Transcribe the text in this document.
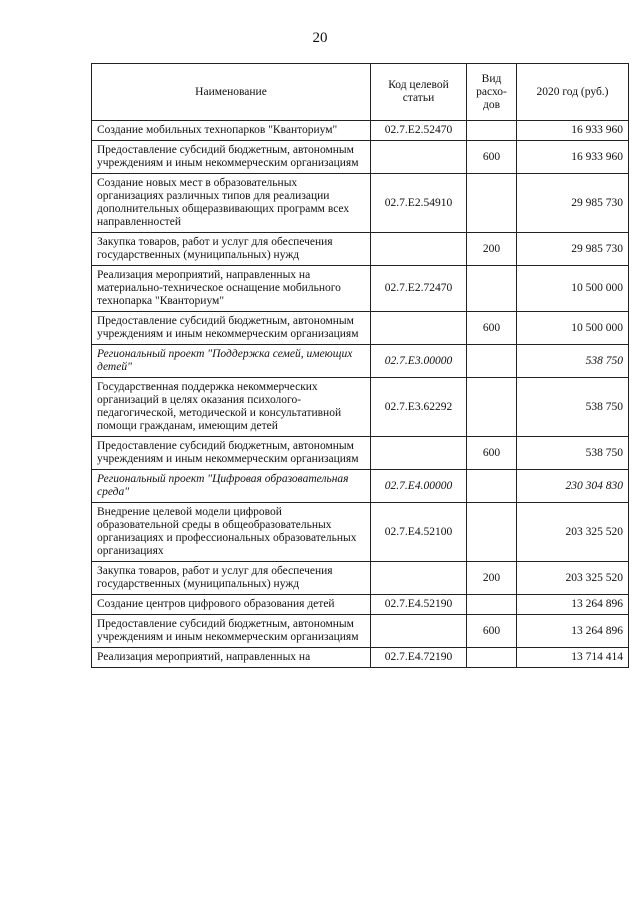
20
Наименование	Код целевой статьи	Вид расхо-дов	2020 год (руб.)
Создание мобильных технопарков "Кванториум"	02.7.E2.52470		16 933 960
Предоставление субсидий бюджетным, автономным учреждениям и иным некоммерческим организациям		600	16 933 960
Создание новых мест в образовательных организациях различных типов для реализации дополнительных общеразвивающих программ всех направленностей	02.7.E2.54910		29 985 730
Закупка товаров, работ и услуг для обеспечения государственных (муниципальных) нужд		200	29 985 730
Реализация мероприятий, направленных на материально-техническое оснащение мобильного технопарка "Кванториум"	02.7.E2.72470		10 500 000
Предоставление субсидий бюджетным, автономным учреждениям и иным некоммерческим организациям		600	10 500 000
Региональный проект "Поддержка семей, имеющих детей"	02.7.E3.00000		538 750
Государственная поддержка некоммерческих организаций в целях оказания психолого-педагогической, методической и консультативной помощи гражданам, имеющим детей	02.7.E3.62292		538 750
Предоставление субсидий бюджетным, автономным учреждениям и иным некоммерческим организациям		600	538 750
Региональный проект "Цифровая образовательная среда"	02.7.E4.00000		230 304 830
Внедрение целевой модели цифровой образовательной среды в общеобразовательных организациях и профессиональных образовательных организациях	02.7.E4.52100		203 325 520
Закупка товаров, работ и услуг для обеспечения государственных (муниципальных) нужд		200	203 325 520
Создание центров цифрового образования детей	02.7.E4.52190		13 264 896
Предоставление субсидий бюджетным, автономным учреждениям и иным некоммерческим организациям		600	13 264 896
Реализация мероприятий, направленных на	02.7.E4.72190		13 714 414
